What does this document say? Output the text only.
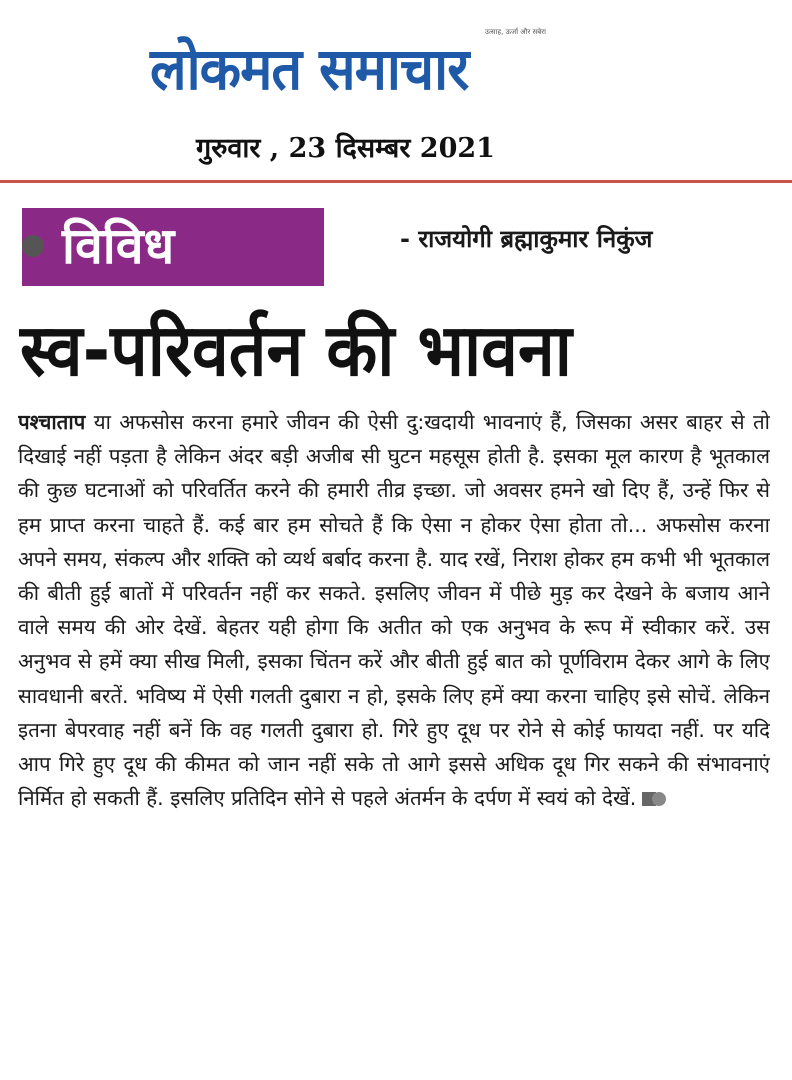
लोकमत समाचार
उत्साह, ऊर्जा और सबेरा
गुरुवार , 23 दिसम्बर 2021
विविध	- राजयोगी ब्रह्माकुमार निकुंज
स्व-परिवर्तन की भावना
पश्चाताप या अफसोस करना हमारे जीवन की ऐसी दु:खदायी भावनाएं हैं, जिसका असर बाहर से तो दिखाई नहीं पड़ता है लेकिन अंदर बड़ी अजीब सी घुटन महसूस होती है. इसका मूल कारण है भूतकाल की कुछ घटनाओं को परिवर्तित करने की हमारी तीव्र इच्छा. जो अवसर हमने खो दिए हैं, उन्हें फिर से हम प्राप्त करना चाहते हैं. कई बार हम सोचते हैं कि ऐसा न होकर ऐसा होता तो... अफसोस करना अपने समय, संकल्प और शक्ति को व्यर्थ बर्बाद करना है. याद रखें, निराश होकर हम कभी भी भूतकाल की बीती हुई बातों में परिवर्तन नहीं कर सकते. इसलिए जीवन में पीछे मुड़ कर देखने के बजाय आने वाले समय की ओर देखें. बेहतर यही होगा कि अतीत को एक अनुभव के रूप में स्वीकार करें. उस अनुभव से हमें क्या सीख मिली, इसका चिंतन करें और बीती हुई बात को पूर्णविराम देकर आगे के लिए सावधानी बरतें. भविष्य में ऐसी गलती दुबारा न हो, इसके लिए हमें क्या करना चाहिए इसे सोचें. लेकिन इतना बेपरवाह नहीं बनें कि वह गलती दुबारा हो. गिरे हुए दूध पर रोने से कोई फायदा नहीं. पर यदि आप गिरे हुए दूध की कीमत को जान नहीं सके तो आगे इससे अधिक दूध गिर सकने की संभावनाएं निर्मित हो सकती हैं. इसलिए प्रतिदिन सोने से पहले अंतर्मन के दर्पण में स्वयं को देखें.
